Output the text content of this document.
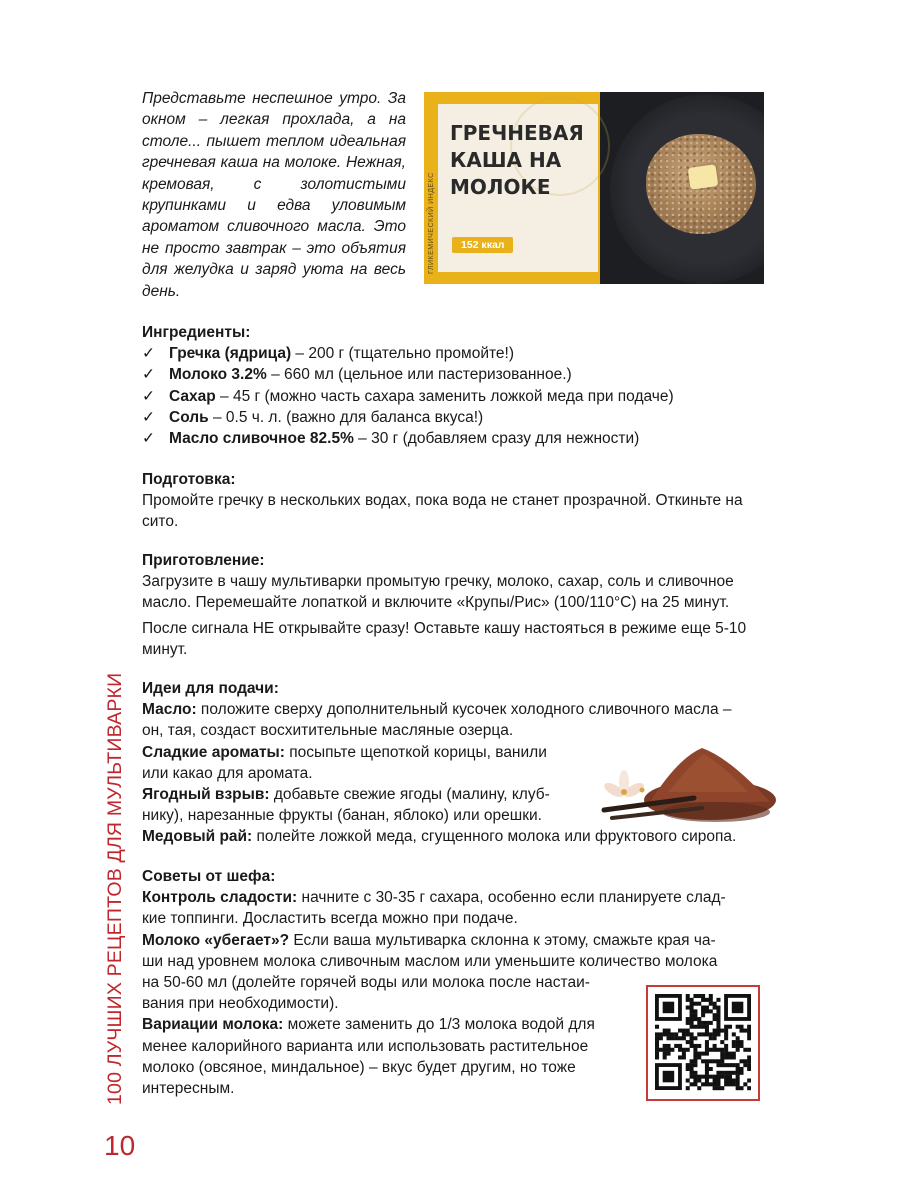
Представьте неспешное утро. За окном – легкая прохлада, а на столе... пышет теплом идеальная гречневая каша на молоке. Нежная, кремовая, с золотистыми крупинками и едва уловимым ароматом сливочного масла. Это не просто завтрак – это объятия для желудка и заряд уюта на весь день.
ГЛИКЕМИЧЕСКИЙ ИНДЕКС
ГРЕЧНЕВАЯ КАША НА МОЛОКЕ
152 ккал
Ингредиенты:
✓ Гречка (ядрица) – 200 г (тщательно промойте!)
✓ Молоко 3.2% – 660 мл (цельное или пастеризованное.)
✓ Сахар – 45 г (можно часть сахара заменить ложкой меда при подаче)
✓ Соль – 0.5 ч. л. (важно для баланса вкуса!)
✓ Масло сливочное 82.5% – 30 г (добавляем сразу для нежности)
Подготовка:

Промойте гречку в нескольких водах, пока вода не станет прозрачной. Откиньте на сито.

Приготовление:

Загрузите в чашу мультиварки промытую гречку, молоко, сахар, соль и сливочное масло. Перемешайте лопаткой и включите «Крупы/Рис» (100/110°С) на 25 минут.

После сигнала НЕ открывайте сразу! Оставьте кашу настояться в режиме еще 5-10 минут.

Идеи для подачи:
Масло: положите сверху дополнительный кусочек холодного сливочного масла –
он, тая, создаст восхитительные масляные озерца.
Сладкие ароматы: посыпьте щепоткой корицы, ванили
или какао для аромата.
Ягодный взрыв: добавьте свежие ягоды (малину, клуб-
нику), нарезанные фрукты (банан, яблоко) или орешки.
Медовый рай: полейте ложкой меда, сгущенного молока или фруктового сиропа.
Советы от шефа:
Контроль сладости: начните с 30-35 г сахара, особенно если планируете слад-
кие топпинги. Досластить всегда можно при подаче.
Молоко «убегает»? Если ваша мультиварка склонна к этому, смажьте края ча-
ши над уровнем молока сливочным маслом или уменьшите количество молока
на 50-60 мл (долейте горячей воды или молока после настаи-
вания при необходимости).
Вариации молока: можете заменить до 1/3 молока водой для
менее калорийного варианта или использовать растительное
молоко (овсяное, миндальное) – вкус будет другим, но тоже
интересным.
100 ЛУЧШИХ РЕЦЕПТОВ ДЛЯ МУЛЬТИВАРКИ
10
